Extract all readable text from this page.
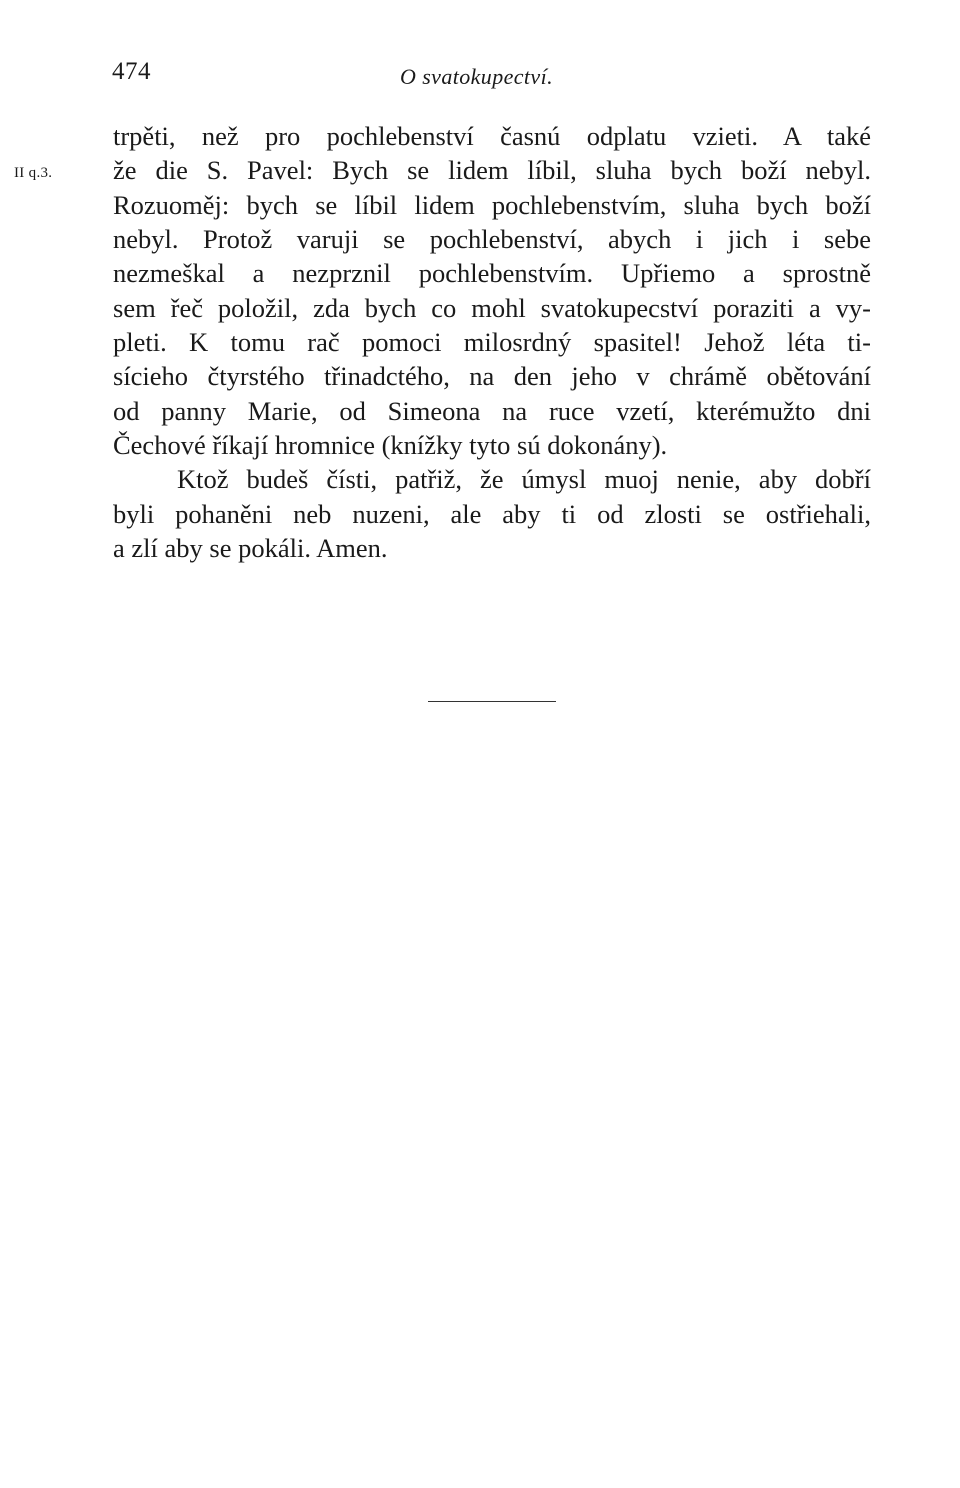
474	O svatokupectví.
II q.3.
trpěti, než pro pochlebenství časnú odplatu vzieti. A také
že die S. Pavel: Bych se lidem líbil, sluha bych boží nebyl.
Rozuoměj: bych se líbil lidem pochlebenstvím, sluha bych boží
nebyl. Protož varuji se pochlebenství, abych i jich i sebe
nezmeškal a nezprznil pochlebenstvím. Upřiemo a sprostně
sem řeč položil, zda bych co mohl svatokupecství poraziti a vy-
pleti. K tomu rač pomoci milosrdný spasitel! Jehož léta ti-
sícieho čtyrstého třinadctého, na den jeho v chrámě obětování
od panny Marie, od Simeona na ruce vzetí, kterémužto dni
Čechové říkají hromnice (knížky tyto sú dokonány).
Ktož budeš čísti, patřiž, že úmysl muoj nenie, aby dobří
byli pohaněni neb nuzeni, ale aby ti od zlosti se ostřiehali,
a zlí aby se pokáli. Amen.
